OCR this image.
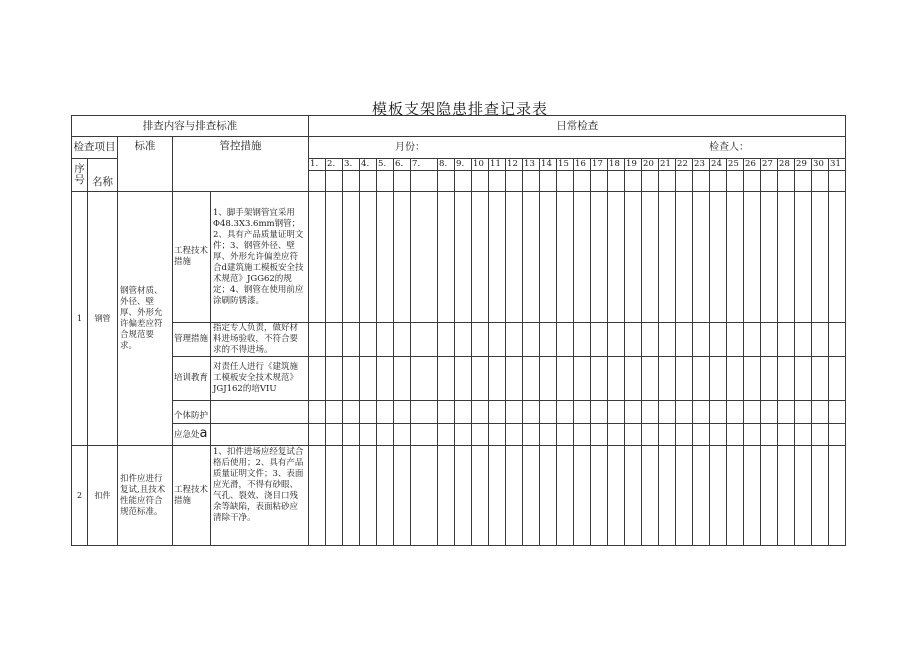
模板支架隐患排查记录表
排查内容与排查标准					日常检查																														
检查项目		标准	管控措施		月份： 检查人：																														

序号	名称				1.	2.	3.	4.	5.	6.	7.	8.	9.	10	11	12	13	14	15	16	17	18	19	20	21	22	23	24	25	26	27	28	29	30	31

1	钢管	钢管材质、外径、壁厚、外形允许偏差应符合规范要求。	工程技术措施	1、脚手架钢管宜采用Φ48.3X3.6mm钢管；2、具有产品质量证明文件；3、钢管外径、壁厚、外形允许偏差应符合d建筑施工模板安全技术规范》JGG62的规定；4、钢管在使用前应涂刷防锈漆。																															
			管理措施	指定专人负责，做好材料进场验收，不符合要求的不得进场。																															
			培训教育	对责任人进行《建筑施工模板安全技术规范》JGJ162的培VIU																															
			个体防护																																
			应急处a																																
2	扣件	扣件应进行复试,且技术性能应符合规范标准。	工程技术措施	1、扣件进场应经复试合格后使用；2、具有产品质量证明文件；3、表面应光滑，不得有砂眼、气孔、裂效、浇目口残余等缺陷，表面粘砂应清除干净。																															
